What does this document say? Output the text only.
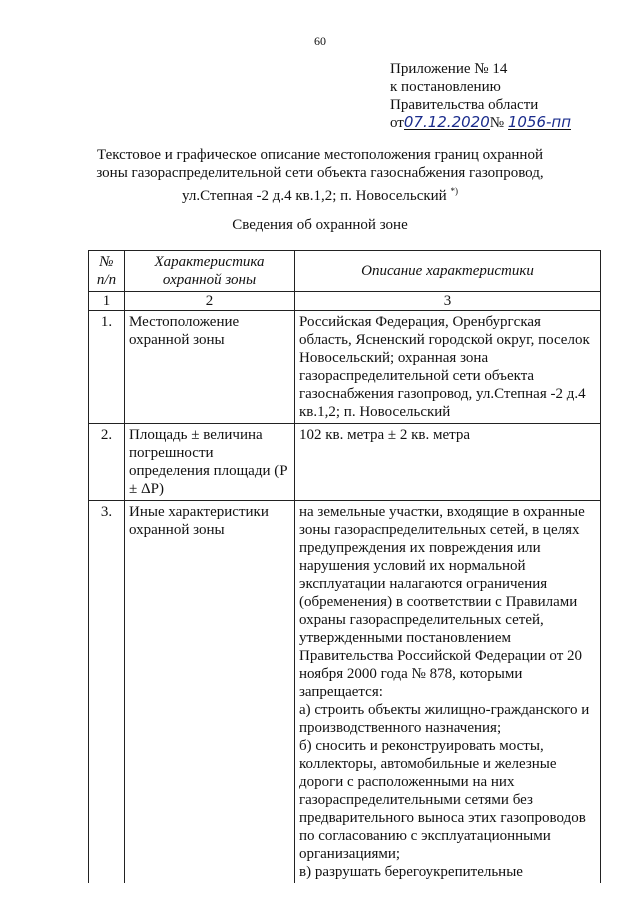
60
Приложение № 14
к постановлению
Правительства области
от07.12.2020№ 1056-пп
Текстовое и графическое описание местоположения границ охранной зоны газораспределительной сети объекта газоснабжения газопровод, ул.Степная -2 д.4 кв.1,2; п. Новосельский *)
Сведения об охранной зоне
№ п/п	Характеристика охранной зоны	Описание характеристики
1	2	3
1.	Местоположение охранной зоны	Российская Федерация, Оренбургская область, Ясненский городской округ, поселок Новосельский; охранная зона газораспределительной сети объекта газоснабжения газопровод, ул.Степная -2 д.4 кв.1,2; п. Новосельский
2.	Площадь ± величина погрешности определения площади (P ± ΔP)	102 кв. метра ± 2 кв. метра
3.	Иные характеристики охранной зоны	на земельные участки, входящие в охранные зоны газораспределительных сетей, в целях предупреждения их повреждения или нарушения условий их нормальной эксплуатации налагаются ограничения (обременения) в соответствии с Правилами охраны газораспределительных сетей, утвержденными постановлением Правительства Российской Федерации от 20 ноября 2000 года № 878, которыми запрещается:
а) строить объекты жилищно-гражданского и производственного назначения;
б) сносить и реконструировать мосты, коллекторы, автомобильные и железные дороги с расположенными на них газораспределительными сетями без предварительного выноса этих газопроводов по согласованию с эксплуатационными организациями;
в) разрушать берегоукрепительные
